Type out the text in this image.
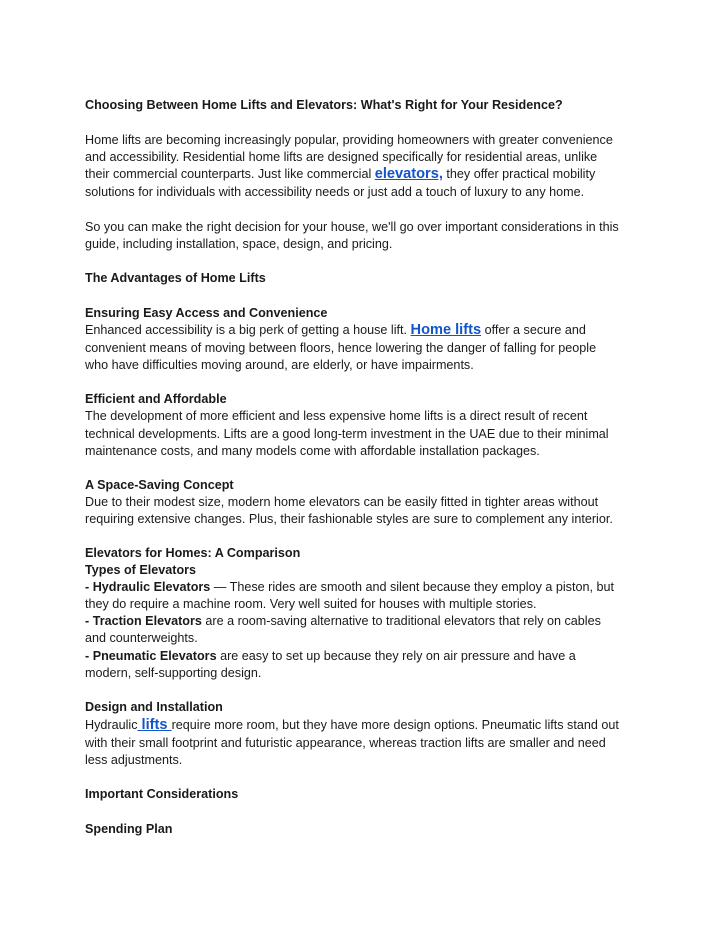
Choosing Between Home Lifts and Elevators: What's Right for Your Residence?
Home lifts are becoming increasingly popular, providing homeowners with greater convenience
and accessibility. Residential home lifts are designed specifically for residential areas, unlike
their commercial counterparts. Just like commercial elevators, they offer practical mobility
solutions for individuals with accessibility needs or just add a touch of luxury to any home.
So you can make the right decision for your house, we'll go over important considerations in this
guide, including installation, space, design, and pricing.
The Advantages of Home Lifts
Ensuring Easy Access and Convenience
Enhanced accessibility is a big perk of getting a house lift. Home lifts offer a secure and
convenient means of moving between floors, hence lowering the danger of falling for people
who have difficulties moving around, are elderly, or have impairments.
Efficient and Affordable
The development of more efficient and less expensive home lifts is a direct result of recent
technical developments. Lifts are a good long-term investment in the UAE due to their minimal
maintenance costs, and many models come with affordable installation packages.
A Space-Saving Concept
Due to their modest size, modern home elevators can be easily fitted in tighter areas without
requiring extensive changes. Plus, their fashionable styles are sure to complement any interior.
Elevators for Homes: A Comparison
Types of Elevators
- Hydraulic Elevators — These rides are smooth and silent because they employ a piston, but
they do require a machine room. Very well suited for houses with multiple stories.
- Traction Elevators are a room-saving alternative to traditional elevators that rely on cables
and counterweights.
- Pneumatic Elevators are easy to set up because they rely on air pressure and have a
modern, self-supporting design.
Design and Installation
Hydraulic lifts require more room, but they have more design options. Pneumatic lifts stand out
with their small footprint and futuristic appearance, whereas traction lifts are smaller and need
less adjustments.
Important Considerations
Spending Plan
